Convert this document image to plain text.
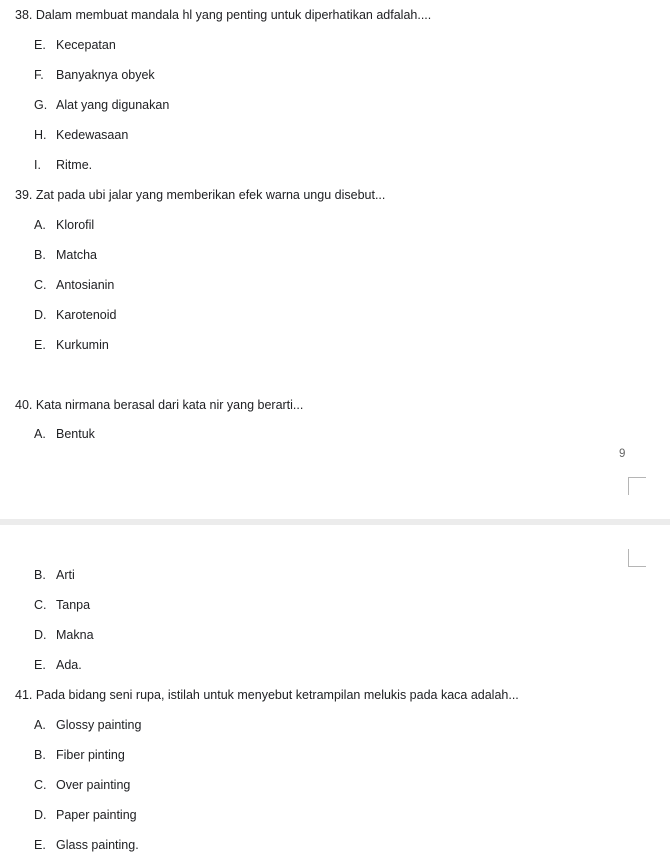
38. Dalam membuat mandala hl yang penting untuk diperhatikan adfalah....
E. Kecepatan
F. Banyaknya obyek
G. Alat yang digunakan
H. Kedewasaan
I. Ritme.
39. Zat pada ubi jalar yang memberikan efek warna ungu disebut...
A. Klorofil
B. Matcha
C. Antosianin
D. Karotenoid
E. Kurkumin
40. Kata nirmana berasal dari kata nir yang berarti...
A. Bentuk
9
B. Arti
C. Tanpa
D. Makna
E. Ada.
41. Pada bidang seni rupa, istilah untuk menyebut ketrampilan melukis pada kaca adalah...
A. Glossy painting
B. Fiber pinting
C. Over painting
D. Paper painting
E. Glass painting.
